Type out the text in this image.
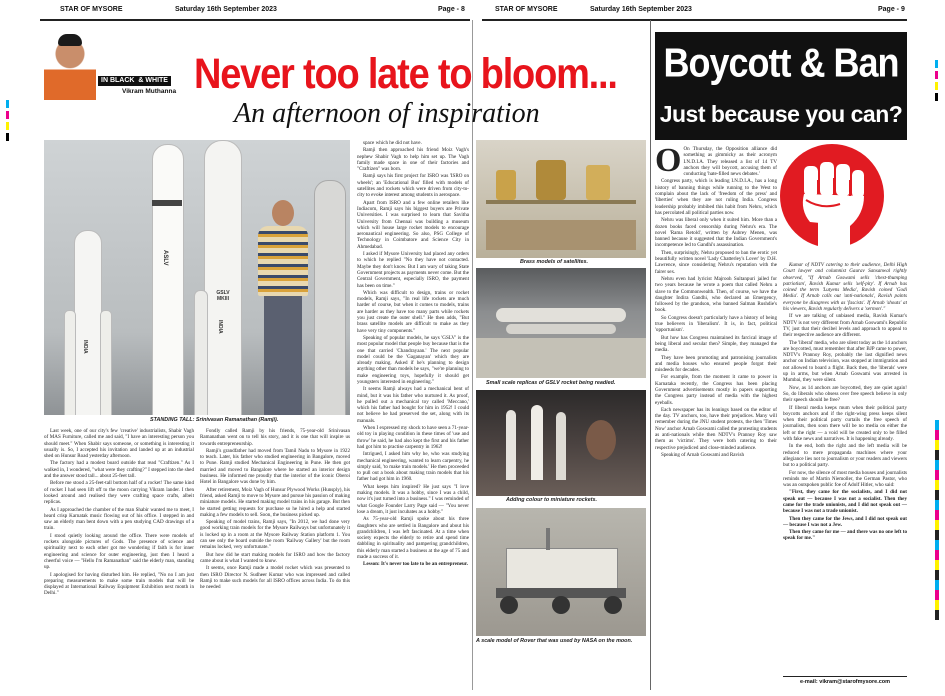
STAR OF MYSORE	Saturday 16th September 2023	Page - 8	STAR OF MYSORE	Saturday 16th September 2023	Page - 9
IN BLACK & WHITE
Vikram Muthanna Never too late to bloom...
An afternoon of inspiration
INDIA
ASLV
GSLV MKIII
INDIA
STANDING TALL: Srinivasan Ramanathan (Ramji).

Last week, one of our city's few 'creative' industrialists, Shabir Vagh of MAS Furniture, called me and said, "I have an interesting person you should meet." When Shabir says someone, or something is interesting it usually is. So, I accepted his invitation and landed up at an industrial shed on Hunsur Road yesterday afternoon.

The factory had a modest board outside that read "Craftizen." As I walked in, I wondered, "what were they crafting?" I stepped into the shed and the answer stood tall... about 25-feet tall.

Before me stood a 25-feet-tall bottom half of a rocket! The same kind of rocket I had seen lift off to the moon carrying Vikram lander. I then looked around and realised they were crafting space crafts, albeit replicas.

As I approached the chamber of the man Shabir wanted me to meet, I heard crisp Karnatak music flowing out of his office. I stepped in and saw an elderly man bent down with a pen studying CAD drawings of a train.

I stood quietly looking around the office. There were models of rockets alongside pictures of Gods. The presence of science and spirituality next to each other got me wondering if faith is for inner engineering and science for outer engineering, just then I heard a cheerful voice — "Hello I'm Ramanathan" said the elderly man, standing up.

I apologised for having disturbed him. He replied, "No no I am just preparing measurements to make some train models that will be displayed at International Railway Equipment Exhibition next month in Delhi."

Fondly called Ramji by his friends, 75-year-old Srinivasan Ramanathan went on to tell his story, and it is one that will inspire us towards entrepreneurship.

Ramji's grandfather had moved from Tamil Nadu to Mysore in 1922 to teach. Later, his father who studied engineering in Bangalore, moved to Pune. Ramji studied Mechanical Engineering in Pune. He then got married and moved to Bangalore where he started an interior design business. He informed me proudly that the interior of the iconic Oberoi Hotel in Bangalore was done by him.

After retirement, Moiz Vagh of Hunsur Plywood Works (Hunsply), his friend, asked Ramji to move to Mysore and pursue his passion of making miniature models. He started making model trains in his garage. But then he started getting requests for purchase so he hired a help and started making a few models to sell. Soon, the business picked up.

Speaking of model trains, Ramji says, "In 2012, we had done very good working train models for the Mysore Railways but unfortunately it is locked up in a room at the Mysore Railway Station platform 1. You can see only the board outside the room 'Railway Gallery' but the room remains locked, very unfortunate."

But how did he start making models for ISRO and how the factory came about is what I wanted to know.

It seems, once Ramji made a model rocket which was presented to then ISRO Director N. Sudheer Kumar who was impressed and called Ramji to make such models for all ISRO offices across India. To do this he needed

space which he did not have.

Ramji then approached his friend Moiz Vagh's nephew Shabir Vagh to help him set up. The Vagh family made space in one of their factories and "Craftizen" was born.

Ramji says his first project for ISRO was 'ISRO on wheels'; an 'Educational Bus' filled with models of satellites and rockets which were driven from city-to-city to evoke interest among students in aerospace.

Apart from ISRO and a few online retailers like Indiacom, Ramji says his biggest buyers are Private Universities. I was surprised to learn that Savitha University from Chennai was building a museum which will house large rocket models to encourage aeronautical engineering. So also, PSG College of Technology in Coimbatore and Science City in Ahmedabad.

I asked if Mysore University had placed any orders to which he replied "No they have not contacted. Maybe they don't know. But I am wary of taking State Government projects as payments never come. But the Central Government, especially ISRO, the payment has been on time."

Which was difficult to design, trains or rocket models, Ramji says, "In real life rockets are much harder of course, but when it comes to models, trains are harder as they have too many parts while rockets you just create the outer shell." He then adds, "But brass satellite models are difficult to make as they have very tiny components."

Speaking of popular models, he says 'GSLV' is the most popular model that people buy because that is the one that carried 'Chandrayaan.' The next popular model could be the 'Gaganayan' which they are already making. Asked if he's planning to design anything other than models he says, "we're planning to make engineering toys, hopefully it should get youngsters interested in engineering."

It seems Ramji always had a mechanical bent of mind, but it was his father who nurtured it. As proof, he pulled out a mechanical toy called 'Meccano,' which his father had bought for him in 1952! I could not believe he had preserved the set, along with its manuals.

When I expressed my shock to have seen a 71-year-old toy in playing condition in these times of 'use and throw' he said, he had also kept the first and his father had got him to practise carpentry in 1962!

Intrigued, I asked him why he, who was studying mechanical engineering, wanted to learn carpentry, he simply said, 'to make train models.' He then proceeded to pull out a book about making train models that his father had got him in 1960.

What keeps him inspired? He just says "I love making models. It was a hobby, since I was a child, now it's just turned into a business." I was reminded of what Google Founder Larry Page said — "You never lose a dream, it just incubates as a hobby."

As 75-year-old Ramji spoke about his three daughters who are settled in Bangalore and about his grandchildren, I was left fascinated. At a time when society expects the elderly to retire and spend time dabbling in spirituality and pampering grandchildren, this elderly man started a business at the age of 75 and made a success of it.

Lesson: It's never too late to be an entrepreneur.

Brass models of satellites.
Small scale replicas of GSLV rocket being readied.
Adding colour to miniature rockets.
A scale model of Rover that was used by NASA on the moon.
Boycott & Ban
Just because you can?

O On Thursday, the Opposition alliance did something as gimmicky as their acronym I.N.D.I.A. They released a list of 14 TV anchors they will boycott, accusing them of conducting 'hate-filled news debates.'

Congress party, which is leading I.N.D.I.A., has a long history of banning things while running to the West to complain about the lack of 'freedom of the press' and 'liberties' when they are not ruling India. Congress leadership probably imbibed this habit from Nehru, which has percolated all political parties now.

Nehru was liberal only when it suited him. More than a dozen books faced censorship during Nehru's era. The novel 'Rama Retold', written by Aubrey Menen, was banned because it suggested that the Indian Government's incompetence led to Gandhi's assassination.

Then, surprisingly, Nehru proposed to ban the erotic yet beautifully written novel 'Lady Chatterley's Lover' by D.H. Lawrence, since considering Nehru's reputation with the fairer sex.

Nehru even had lyricist Majrooh Sultanpuri jailed for two years because he wrote a poem that called Nehru a slave to the Commonwealth. Then, of course, we have the daughter Indira Gandhi, who declared an Emergency, followed by the grandson, who banned Salman Rushdie's book.

So Congress doesn't particularly have a history of being true believers in 'liberalism'. It is, in fact, political 'opportunism'.

But how has Congress maintained its farcical image of being liberal and secular then? Simple, they managed the media.

They have been promoting and patronising journalists and media houses who ensured people forgot their misdeeds for decades.

For example, from the moment it came to power in Karnataka recently, the Congress has been placing Government advertisements mostly in papers supporting the Congress party instead of media with the highest eyeballs.

Each newspaper has its leanings based on the editor of the day. TV anchors, too, have their prejudices. Many will remember during the JNU student protests, the then 'Times Now' anchor Arnab Goswami called the protesting students as anti-nationals while then NDTV's Prannoy Roy saw them as 'victims'. They were both catering to their respective prejudiced and close-minded audience.

Speaking of Arnab Goswami and Ravish

Kumar of NDTV catering to their audience, Delhi High Court lawyer and columnist Gaurav Sansanwal rightly observed, "If Arnab Goswami sells 'chest-thumping patriotism', Ravish Kumar sells 'self-pity'. If Arnab has coined the term 'Lutyens Media', Ravish coined 'Godi Media'. If Arnab calls out 'anti-nationals', Ravish paints everyone he disagrees with as 'fascists'. If Arnab 'shouts' at his viewers, Ravish regularly delivers a 'sermon'."

If we are talking of unbiased media, Ravish Kumar's NDTV is not very different from Arnab Goswami's Republic TV, just that their decibel levels and approach to appeal to their respective audience are different.

The 'liberal' media, who are silent today as the 14 anchors are boycotted, must remember that after BJP came to power, NDTV's Prannoy Roy, probably the last dignified news anchor on Indian television, was stopped at immigration and not allowed to board a flight. Back then, the 'liberals' were up in arms, but when Arnab Goswami was arrested in Mumbai, they were silent.

Now, as 14 anchors are boycotted, they are quiet again! So, do liberals who obsess over free speech believe in only their speech should be free?

If liberal media keeps mum when their political party boycotts anchors and if the right-wing press keeps silent when their political party curtails the free speech of journalists, then soon there will be no media on either the left or the right — a void will be created only to be filled with fake news and narratives. It is happening already.

In the end, both the right and the left media will be reduced to mere propaganda machines where your allegiance lies not to journalism or your readers and viewers but to a political party.

For now, the silence of most media houses and journalists reminds me of Martin Niemoller, the German Pastor, who was an outspoken public foe of Adolf Hitler, who said:

"First, they came for the socialists, and I did not speak out — because I was not a socialist. Then they came for the trade unionists, and I did not speak out — because I was not a trade unionist.

Then they came for the Jews, and I did not speak out — because I was not a Jew.

Then they came for me — and there was no one left to speak for me."

e-mail: vikram@starofmysore.com
